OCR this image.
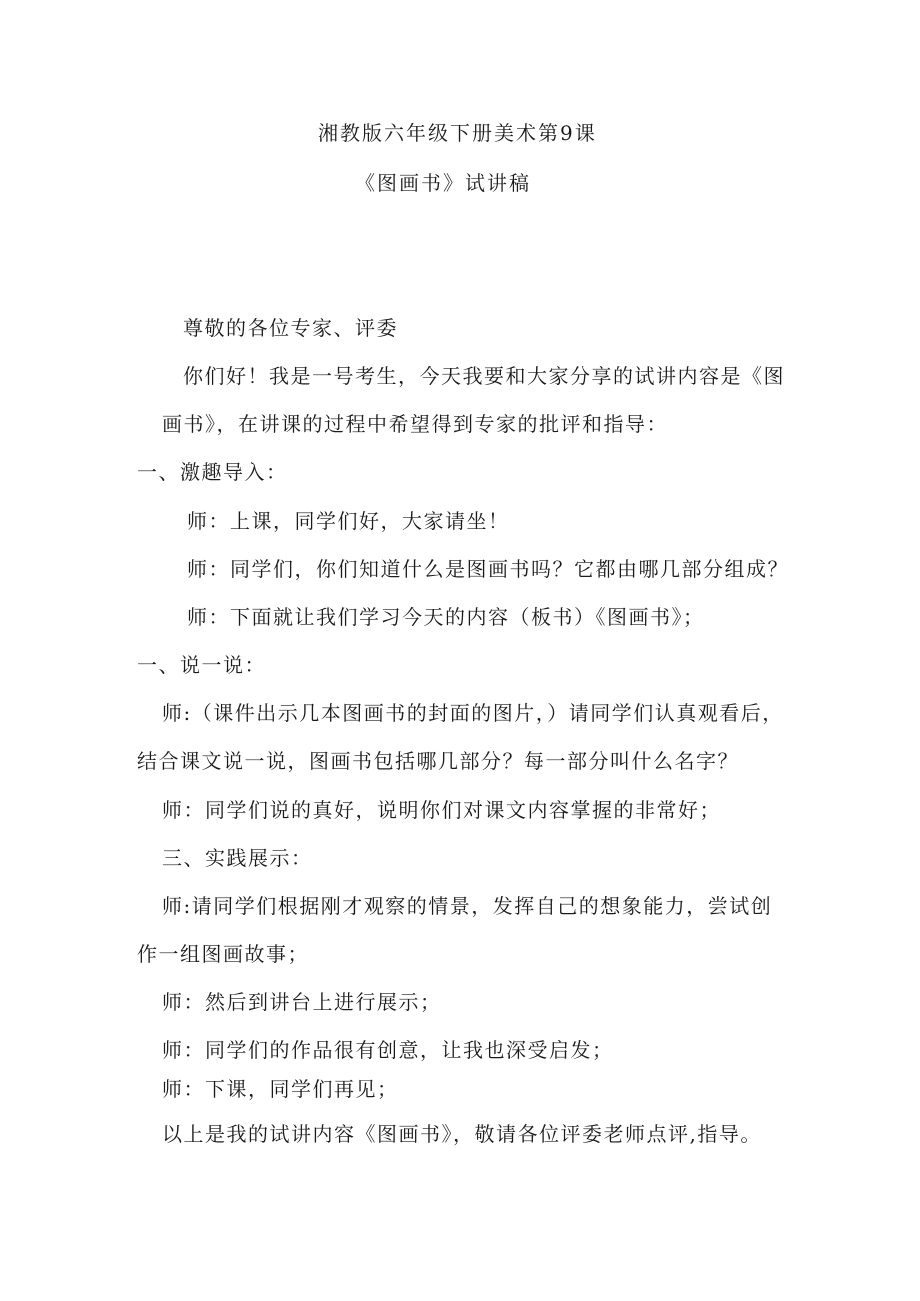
湘教版六年级下册美术第9课
《图画书》试讲稿
尊敬的各位专家、评委
你们好！我是一号考生，今天我要和大家分享的试讲内容是《图
画书》，在讲课的过程中希望得到专家的批评和指导：
一、激趣导入：
师：上课，同学们好，大家请坐！
师：同学们，你们知道什么是图画书吗？它都由哪几部分组成？
师：下面就让我们学习今天的内容（板书）《图画书》；
一、说一说：
师:（课件出示几本图画书的封面的图片，）请同学们认真观看后，
结合课文说一说，图画书包括哪几部分？每一部分叫什么名字？
师：同学们说的真好，说明你们对课文内容掌握的非常好；
三、实践展示：
师:请同学们根据刚才观察的情景，发挥自己的想象能力，尝试创
作一组图画故事；
师：然后到讲台上进行展示；
师：同学们的作品很有创意，让我也深受启发；
师：下课，同学们再见；
以上是我的试讲内容《图画书》，敬请各位评委老师点评,指导。
